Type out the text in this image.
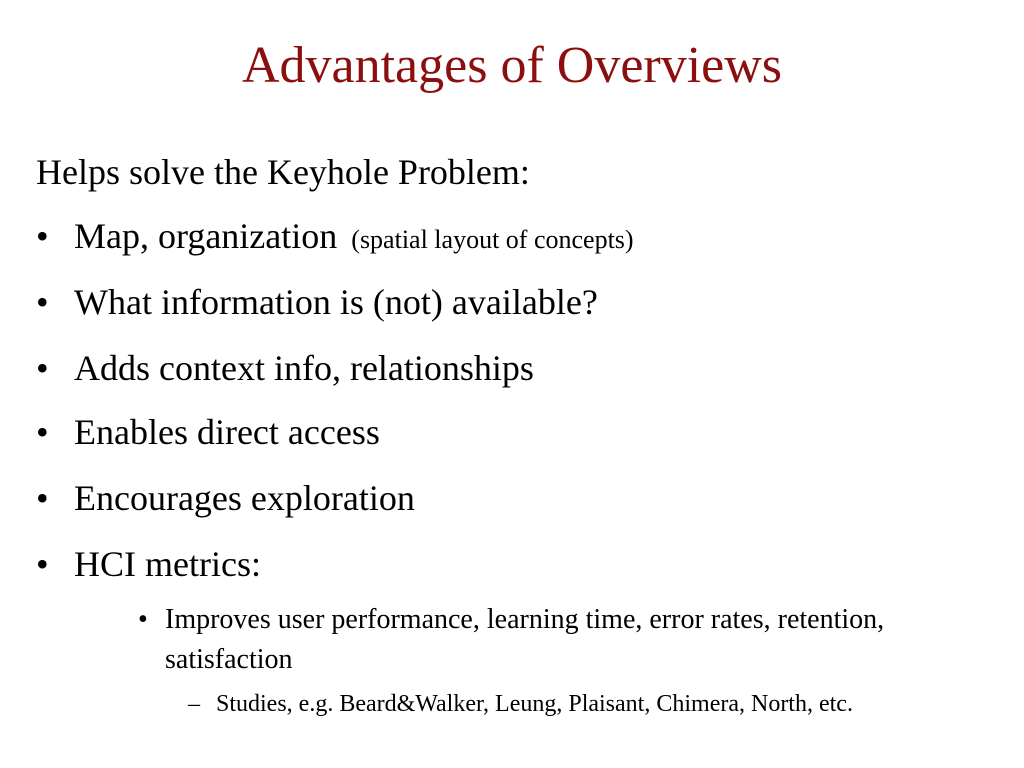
Advantages of Overviews
Helps solve the Keyhole Problem:
• Map, organization (spatial layout of concepts)
• What information is (not) available?
• Adds context info, relationships
• Enables direct access
• Encourages exploration
• HCI metrics:
• Improves user performance, learning time, error rates, retention, satisfaction
– Studies, e.g. Beard&Walker, Leung, Plaisant, Chimera, North, etc.
